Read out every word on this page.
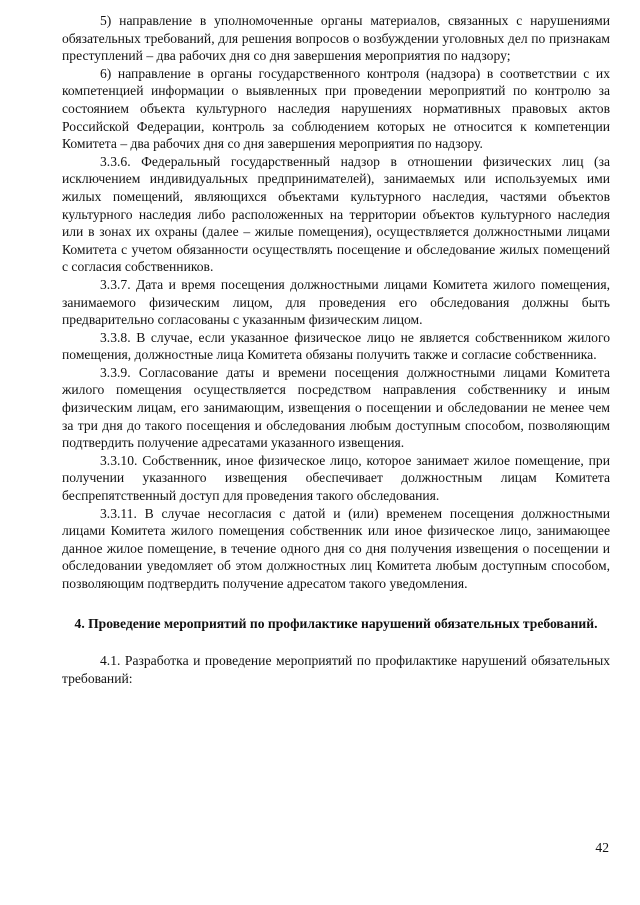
5) направление в уполномоченные органы материалов, связанных с нарушениями обязательных требований, для решения вопросов о возбуждении уголовных дел по признакам преступлений – два рабочих дня со дня завершения мероприятия по надзору;

6) направление в органы государственного контроля (надзора) в соответствии с их компетенцией информации о выявленных при проведении мероприятий по контролю за состоянием объекта культурного наследия нарушениях нормативных правовых актов Российской Федерации, контроль за соблюдением которых не относится к компетенции Комитета – два рабочих дня со дня завершения мероприятия по надзору.

3.3.6. Федеральный государственный надзор в отношении физических лиц (за исключением индивидуальных предпринимателей), занимаемых или используемых ими жилых помещений, являющихся объектами культурного наследия, частями объектов культурного наследия либо расположенных на территории объектов культурного наследия или в зонах их охраны (далее – жилые помещения), осуществляется должностными лицами Комитета с учетом обязанности осуществлять посещение и обследование жилых помещений с согласия собственников.

3.3.7. Дата и время посещения должностными лицами Комитета жилого помещения, занимаемого физическим лицом, для проведения его обследования должны быть предварительно согласованы с указанным физическим лицом.

3.3.8. В случае, если указанное физическое лицо не является собственником жилого помещения, должностные лица Комитета обязаны получить также и согласие собственника.

3.3.9. Согласование даты и времени посещения должностными лицами Комитета жилого помещения осуществляется посредством направления собственнику и иным физическим лицам, его занимающим, извещения о посещении и обследовании не менее чем за три дня до такого посещения и обследования любым доступным способом, позволяющим подтвердить получение адресатами указанного извещения.

3.3.10. Собственник, иное физическое лицо, которое занимает жилое помещение, при получении указанного извещения обеспечивает должностным лицам Комитета беспрепятственный доступ для проведения такого обследования.

3.3.11. В случае несогласия с датой и (или) временем посещения должностными лицами Комитета жилого помещения собственник или иное физическое лицо, занимающее данное жилое помещение, в течение одного дня со дня получения извещения о посещении и обследовании уведомляет об этом должностных лиц Комитета любым доступным способом, позволяющим подтвердить получение адресатом такого уведомления.

4. Проведение мероприятий по профилактике нарушений обязательных требований.

4.1. Разработка и проведение мероприятий по профилактике нарушений обязательных требований:

42
